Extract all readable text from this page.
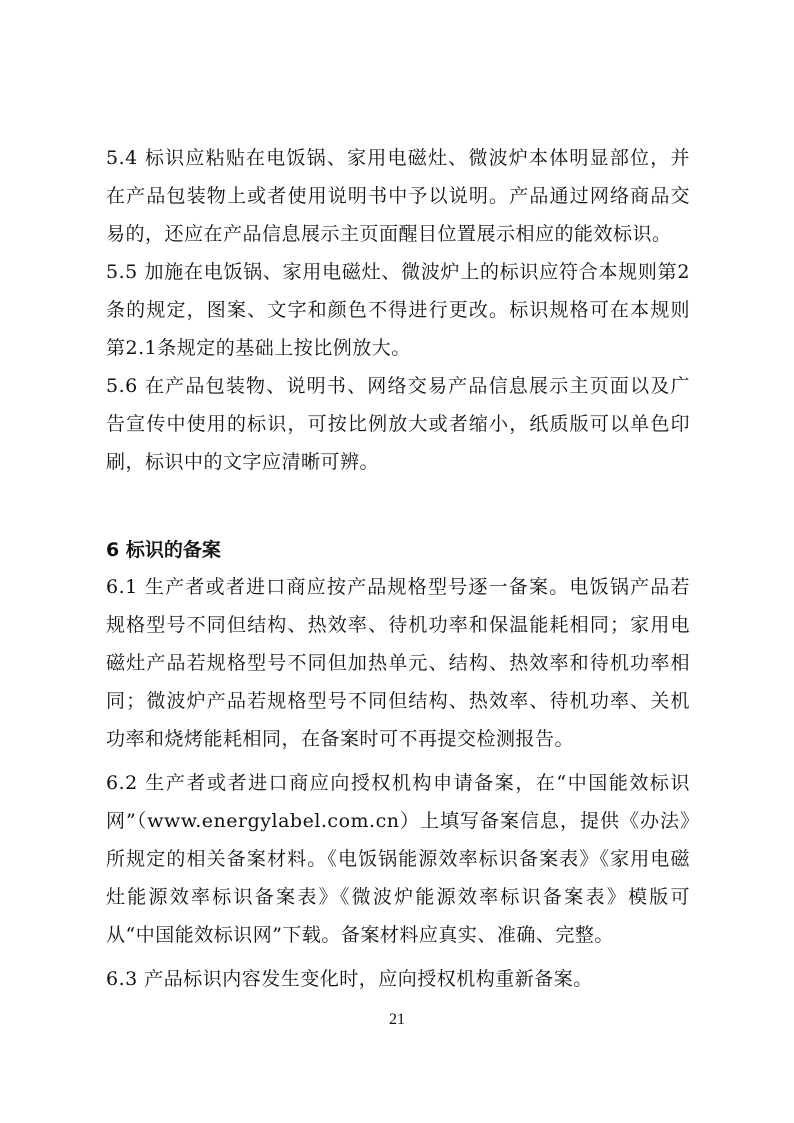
5.4 标识应粘贴在电饭锅、家用电磁灶、微波炉本体明显部位，并在产品包装物上或者使用说明书中予以说明。产品通过网络商品交易的，还应在产品信息展示主页面醒目位置展示相应的能效标识。

5.5 加施在电饭锅、家用电磁灶、微波炉上的标识应符合本规则第2条的规定，图案、文字和颜色不得进行更改。标识规格可在本规则第2.1条规定的基础上按比例放大。

5.6 在产品包装物、说明书、网络交易产品信息展示主页面以及广告宣传中使用的标识，可按比例放大或者缩小，纸质版可以单色印刷，标识中的文字应清晰可辨。

6 标识的备案

6.1 生产者或者进口商应按产品规格型号逐一备案。电饭锅产品若规格型号不同但结构、热效率、待机功率和保温能耗相同；家用电磁灶产品若规格型号不同但加热单元、结构、热效率和待机功率相同；微波炉产品若规格型号不同但结构、热效率、待机功率、关机功率和烧烤能耗相同，在备案时可不再提交检测报告。

6.2 生产者或者进口商应向授权机构申请备案，在“中国能效标识网”（www.energylabel.com.cn）上填写备案信息，提供《办法》所规定的相关备案材料。《电饭锅能源效率标识备案表》《家用电磁灶能源效率标识备案表》《微波炉能源效率标识备案表》模版可从“中国能效标识网”下载。备案材料应真实、准确、完整。

6.3 产品标识内容发生变化时，应向授权机构重新备案。

21
